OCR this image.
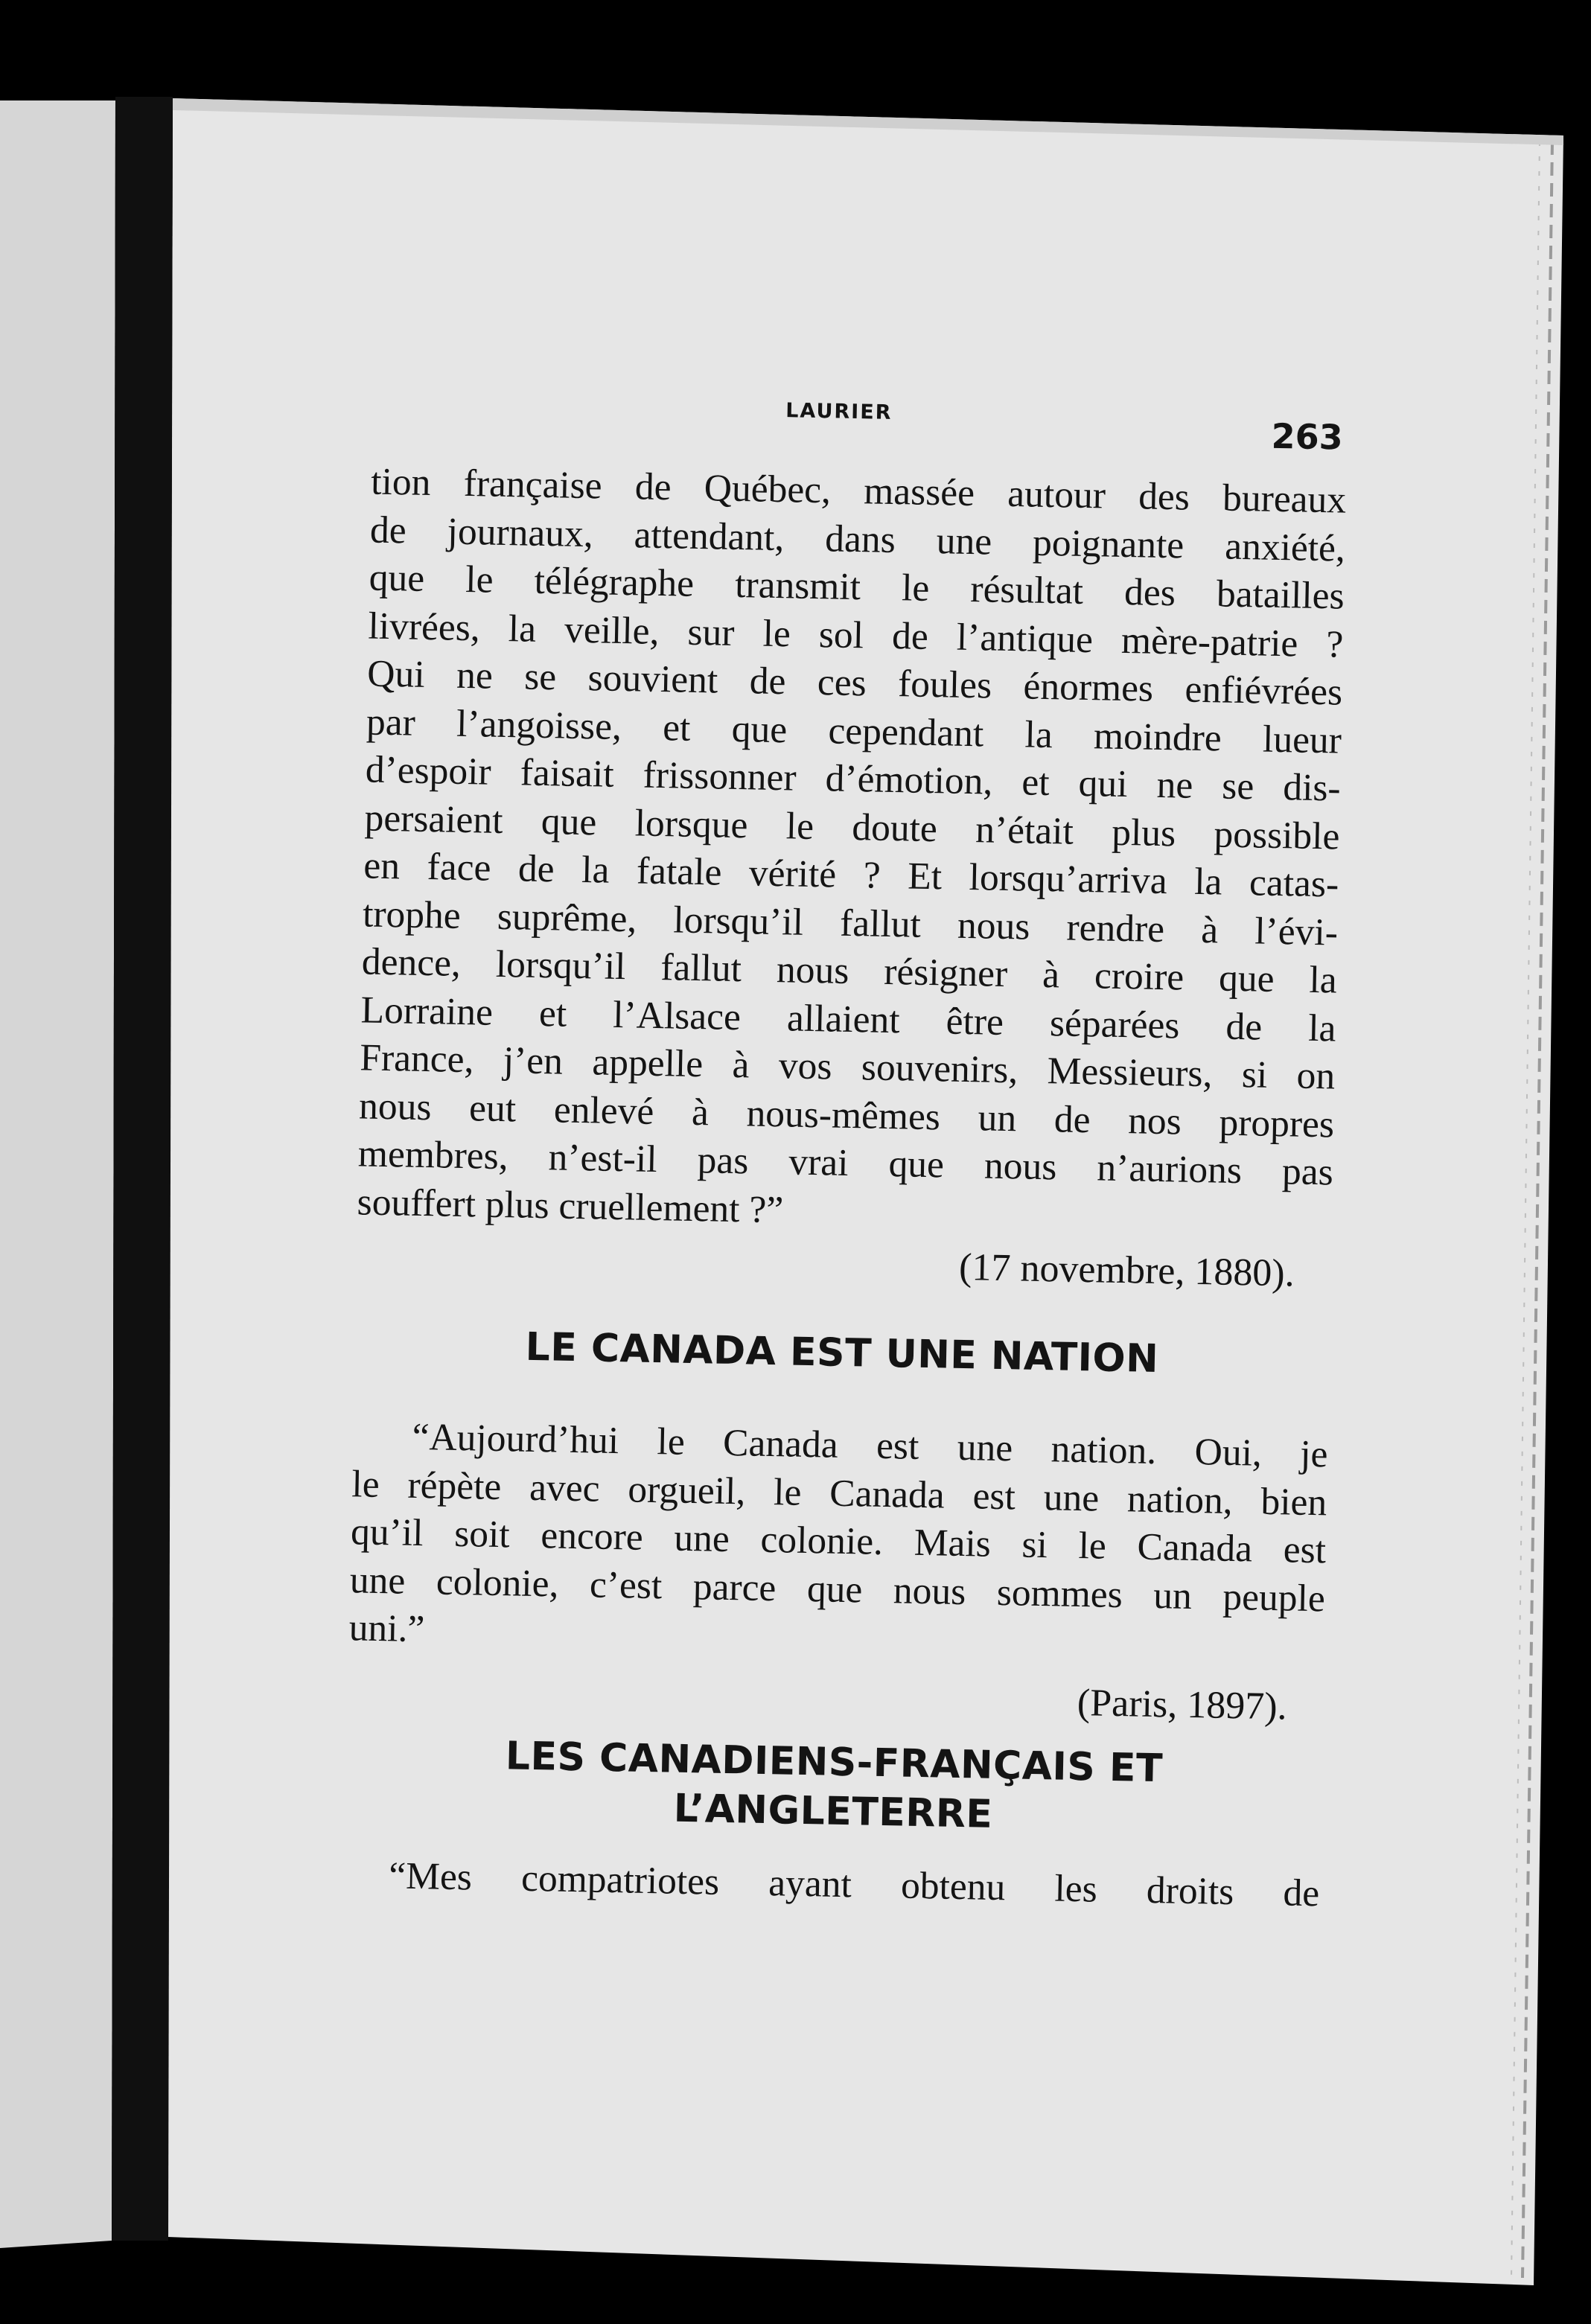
LAURIER
263
tion française de Québec, massée autour des bureaux
de journaux, attendant, dans une poignante anxiété,
que le télégraphe transmit le résultat des batailles
livrées, la veille, sur le sol de l’antique mère-patrie ?
Qui ne se souvient de ces foules énormes enfiévrées
par l’angoisse, et que cependant la moindre lueur
d’espoir faisait frissonner d’émotion, et qui ne se dis-
persaient que lorsque le doute n’était plus possible
en face de la fatale vérité ? Et lorsqu’arriva la catas-
trophe suprême, lorsqu’il fallut nous rendre à l’évi-
dence, lorsqu’il fallut nous résigner à croire que la
Lorraine et l’Alsace allaient être séparées de la
France, j’en appelle à vos souvenirs, Messieurs, si on
nous eut enlevé à nous-mêmes un de nos propres
membres, n’est-il pas vrai que nous n’aurions pas
souffert plus cruellement ?”
(17 novembre, 1880).
LE CANADA EST UNE NATION
“Aujourd’hui le Canada est une nation. Oui, je
le répète avec orgueil, le Canada est une nation, bien
qu’il soit encore une colonie. Mais si le Canada est
une colonie, c’est parce que nous sommes un peuple
uni.”
(Paris, 1897).
LES CANADIENS-FRANÇAIS ET
L’ANGLETERRE
“Mes compatriotes ayant obtenu les droits de
